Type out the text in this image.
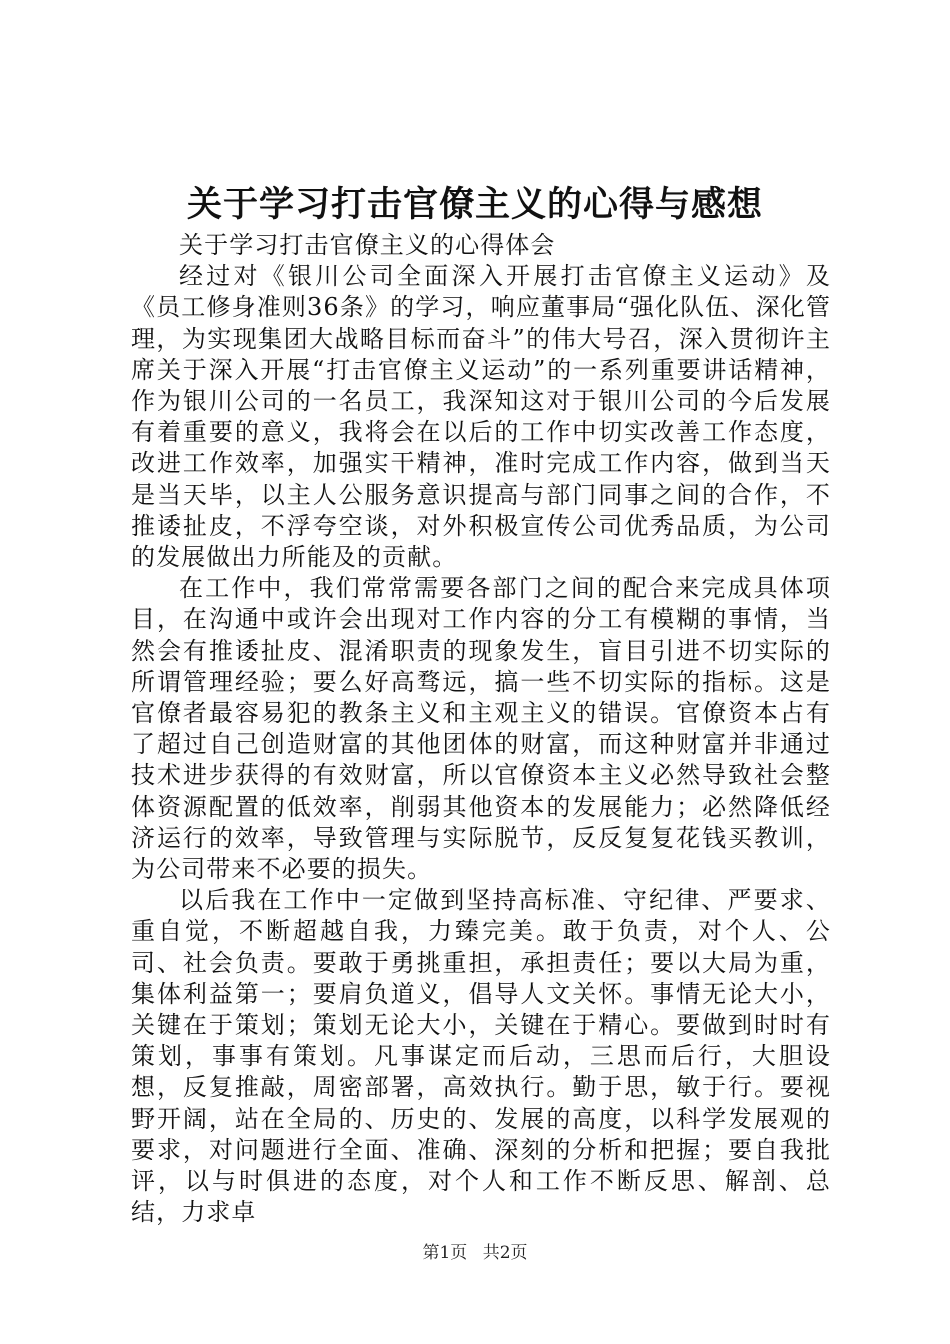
关于学习打击官僚主义的心得与感想

关于学习打击官僚主义的心得体会

经过对《银川公司全面深入开展打击官僚主义运动》及《员工修身准则36条》的学习，响应董事局“强化队伍、深化管理，为实现集团大战略目标而奋斗”的伟大号召，深入贯彻许主席关于深入开展“打击官僚主义运动”的一系列重要讲话精神，作为银川公司的一名员工，我深知这对于银川公司的今后发展有着重要的意义，我将会在以后的工作中切实改善工作态度，改进工作效率，加强实干精神，准时完成工作内容，做到当天是当天毕，以主人公服务意识提高与部门同事之间的合作，不推诿扯皮，不浮夸空谈，对外积极宣传公司优秀品质，为公司的发展做出力所能及的贡献。

在工作中，我们常常需要各部门之间的配合来完成具体项目，在沟通中或许会出现对工作内容的分工有模糊的事情，当然会有推诿扯皮、混淆职责的现象发生，盲目引进不切实际的所谓管理经验；要么好高骛远，搞一些不切实际的指标。这是官僚者最容易犯的教条主义和主观主义的错误。官僚资本占有了超过自己创造财富的其他团体的财富，而这种财富并非通过技术进步获得的有效财富，所以官僚资本主义必然导致社会整体资源配置的低效率，削弱其他资本的发展能力；必然降低经济运行的效率，导致管理与实际脱节，反反复复花钱买教训，为公司带来不必要的损失。

以后我在工作中一定做到坚持高标准、守纪律、严要求、重自觉，不断超越自我，力臻完美。敢于负责，对个人、公司、社会负责。要敢于勇挑重担，承担责任；要以大局为重，集体利益第一；要肩负道义，倡导人文关怀。事情无论大小，关键在于策划；策划无论大小，关键在于精心。要做到时时有策划，事事有策划。凡事谋定而后动，三思而后行，大胆设想，反复推敲，周密部署，高效执行。勤于思，敏于行。要视野开阔，站在全局的、历史的、发展的高度，以科学发展观的要求，对问题进行全面、准确、深刻的分析和把握；要自我批评，以与时俱进的态度，对个人和工作不断反思、解剖、总结，力求卓

第1页 共2页
